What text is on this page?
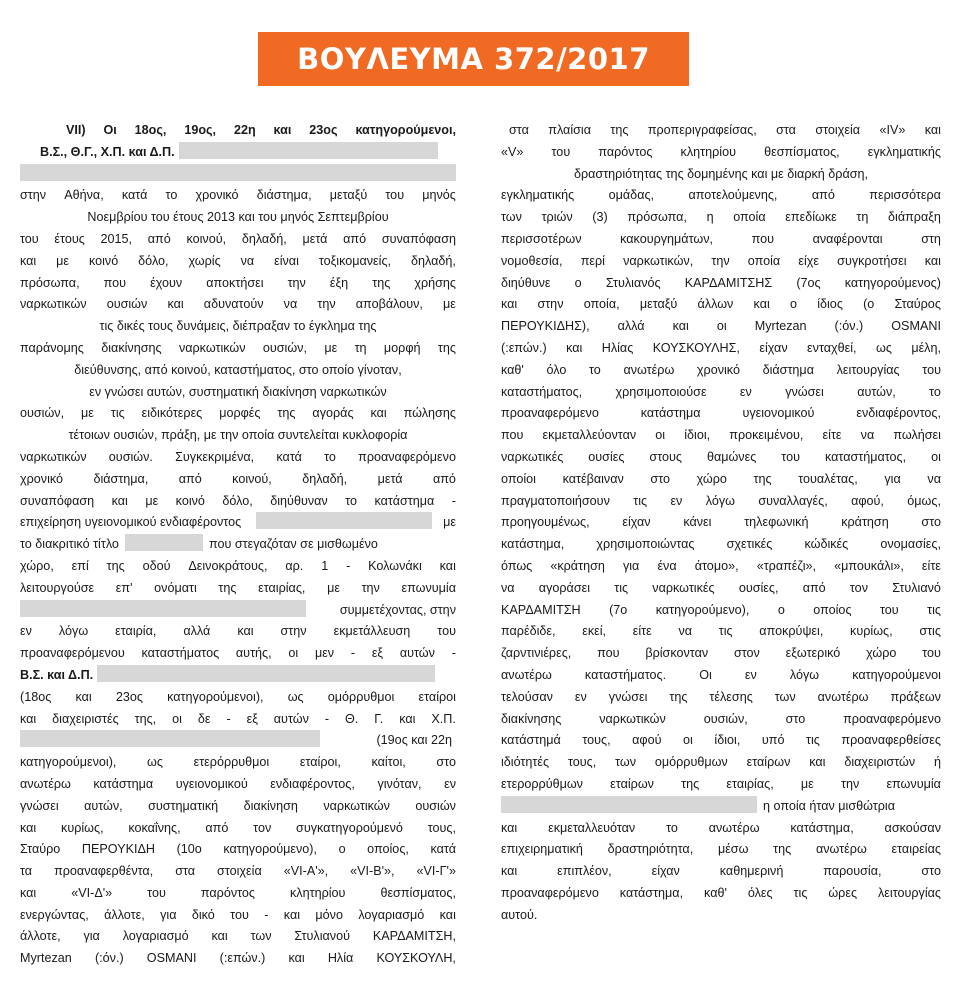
ΒΟΥΛΕΥΜΑ 372/2017
VII) Οι 18ος, 19ος, 22η και 23ος κατηγορούμενοι,
Β.Σ., Θ.Γ., Χ.Π. και Δ.Π.
στην Αθήνα, κατά το χρονικό διάστημα, μεταξύ του μηνός
Νοεμβρίου του έτους 2013 και του μηνός Σεπτεμβρίου
του έτους 2015, από κοινού, δηλαδή, μετά από συναπόφαση
και με κοινό δόλο, χωρίς να είναι τοξικομανείς, δηλαδή,
πρόσωπα, που έχουν αποκτήσει την έξη της χρήσης
ναρκωτικών ουσιών και αδυνατούν να την αποβάλουν, με
τις δικές τους δυνάμεις, διέπραξαν το έγκλημα της
παράνομης διακίνησης ναρκωτικών ουσιών, με τη μορφή της
διεύθυνσης, από κοινού, καταστήματος, στο οποίο γίνοταν,
εν γνώσει αυτών, συστηματική διακίνηση ναρκωτικών
ουσιών, με τις ειδικότερες μορφές της αγοράς και πώλησης
τέτοιων ουσιών, πράξη, με την οποία συντελείται κυκλοφορία
ναρκωτικών ουσιών. Συγκεκριμένα, κατά το προαναφερόμενο
χρονικό διάστημα, από κοινού, δηλαδή, μετά από
συναπόφαση και με κοινό δόλο, διηύθυναν το κατάστημα -
επιχείρηση υγειονομικού ενδιαφέροντος	με
το διακριτικό τίτλο	που στεγαζόταν σε μισθωμένο
χώρο, επί της οδού Δεινοκράτους, αρ. 1 - Κολωνάκι και
λειτουργούσε επ' ονόματι της εταιρίας, με την επωνυμία
συμμετέχοντας, στην
εν λόγω εταιρία, αλλά και στην εκμετάλλευση του
προαναφερόμενου καταστήματος αυτής, οι μεν - εξ αυτών -
Β.Σ. και Δ.Π.
(18ος και 23ος κατηγορούμενοι), ως ομόρρυθμοι εταίροι
και διαχειριστές της, οι δε - εξ αυτών - Θ. Γ. και Χ.Π.
(19ος και 22η
κατηγορούμενοι), ως ετερόρρυθμοι εταίροι, καίτοι, στο
ανωτέρω κατάστημα υγειονομικού ενδιαφέροντος, γινόταν, εν
γνώσει αυτών, συστηματική διακίνηση ναρκωτικών ουσιών
και κυρίως, κοκαΐνης, από τον συγκατηγορούμενό τους,
Σταύρο ΠΕΡΟΥΚΙΔΗ (10ο κατηγορούμενο), ο οποίος, κατά
τα προαναφερθέντα, στα στοιχεία «VI-Α'», «VI-Β'», «VI-Γ'»
και	«VI-Δ'»	του	παρόντος	κλητηρίου	θεσπίσματος,
ενεργώντας, άλλοτε, για δικό του - και μόνο λογαριασμό και
άλλοτε, για λογαριασμό και των Στυλιανού ΚΑΡΔΑΜΙΤΣΗ,
Myrtezan (:όν.) OSMANI (:επών.) και Ηλία ΚΟΥΣΚΟΥΛΗ,
στα πλαίσια της προπεριγραφείσας, στα στοιχεία «IV» και
«V» του παρόντος κλητηρίου θεσπίσματος, εγκληματικής
δραστηριότητας της δομημένης και με διαρκή δράση,
εγκληματικής	ομάδας,	αποτελούμενης,	από	περισσότερα
των τριών (3) πρόσωπα, η οποία επεδίωκε τη διάπραξη
περισσοτέρων	κακουργημάτων,	που	αναφέρονται	στη
νομοθεσία, περί ναρκωτικών, την οποία είχε συγκροτήσει και
διηύθυνε ο Στυλιανός ΚΑΡΔΑΜΙΤΣΗΣ (7ος κατηγορούμενος)
και στην οποία, μεταξύ άλλων και ο ίδιος (ο Σταύρος
ΠΕΡΟΥΚΙΔΗΣ), αλλά και οι Myrtezan (:όν.) OSMANI
(:επών.) και Ηλίας ΚΟΥΣΚΟΥΛΗΣ, είχαν ενταχθεί, ως μέλη,
καθ' όλο το ανωτέρω χρονικό διάστημα λειτουργίας του
καταστήματος,	χρησιμοποιούσε	εν	γνώσει	αυτών,	το
προαναφερόμενο	κατάστημα	υγειονομικού	ενδιαφέροντος,
που εκμεταλλεύονταν οι ίδιοι, προκειμένου, είτε να πωλήσει
ναρκωτικές ουσίες στους θαμώνες του καταστήματος, οι
οποίοι κατέβαιναν στο χώρο της τουαλέτας, για να
πραγματοποιήσουν τις εν λόγω συναλλαγές, αφού, όμως,
προηγουμένως,	είχαν	κάνει	τηλεφωνική	κράτηση	στο
κατάστημα,	χρησιμοποιώντας	σχετικές	κώδικές	ονομασίες,
όπως «κράτηση για ένα άτομο», «τραπέζι», «μπουκάλι», είτε
να αγοράσει τις ναρκωτικές ουσίες, από τον Στυλιανό
ΚΑΡΔΑΜΙΤΣΗ (7ο κατηγορούμενο), ο οποίος του τις
παρέδιδε, εκεί, είτε να τις αποκρύψει, κυρίως, στις
ζαρντινιέρες, που βρίσκονταν στον εξωτερικό χώρο του
ανωτέρω	καταστήματος.	Οι	εν	λόγω	κατηγορούμενοι
τελούσαν εν γνώσει της τέλεσης των ανωτέρω πράξεων
διακίνησης	ναρκωτικών	ουσιών,	στο	προαναφερόμενο
κατάστημά τους, αφού οι ίδιοι, υπό τις προαναφερθείσες
ιδιότητές τους, των ομόρρυθμων εταίρων και διαχειριστών ή
ετερορρύθμων εταίρων της εταιρίας, με την επωνυμία
η οποία ήταν μισθώτρια
και εκμεταλλευόταν το ανωτέρω κατάστημα, ασκούσαν
επιχειρηματική δραστηριότητα, μέσω της ανωτέρω εταιρείας
και	επιπλέον,	είχαν	καθημερινή	παρουσία,	στο
προαναφερόμενο κατάστημα, καθ' όλες τις ώρες λειτουργίας
αυτού.
